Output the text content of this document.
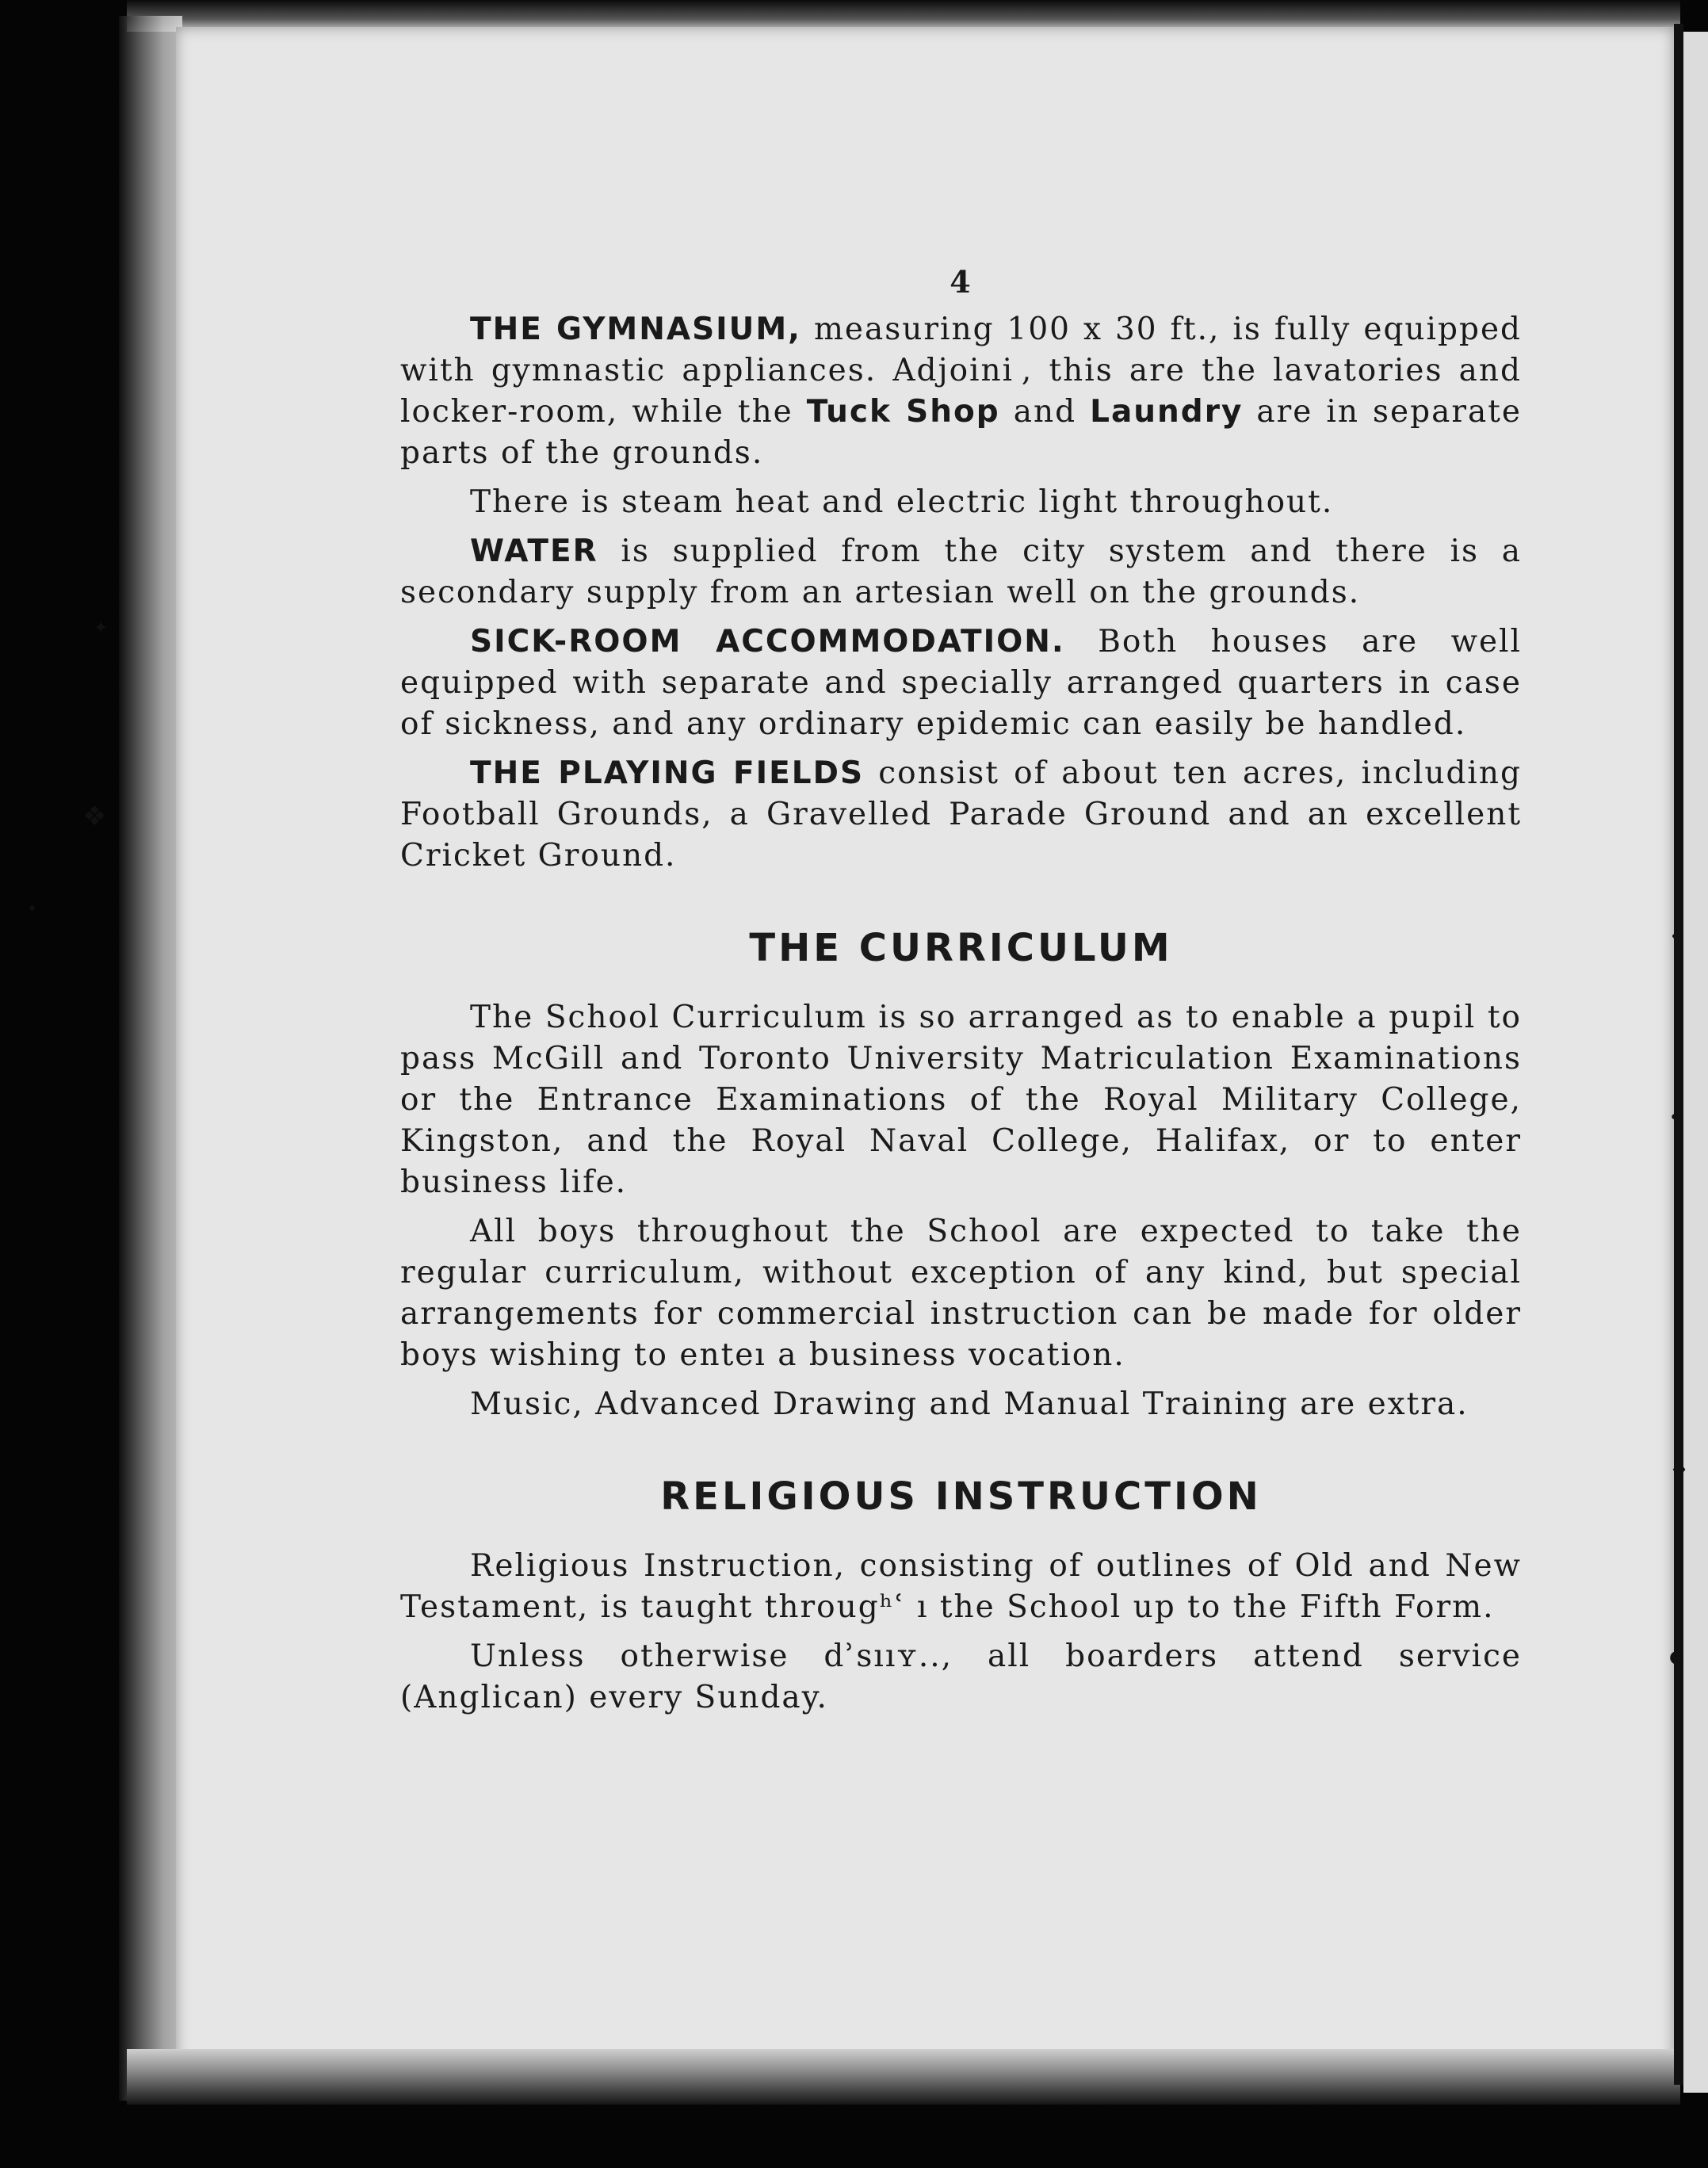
✦
❖
•
♦
•
♦
●
4

THE GYMNASIUM, measuring 100 x 30 ft., is fully equipped with gymnastic appliances. Adjoini , this are the lavatories and locker-room, while the Tuck Shop and Laundry are in separate parts of the grounds.

There is steam heat and electric light throughout.

WATER is supplied from the city system and there is a secondary supply from an artesian well on the grounds.

SICK-ROOM ACCOMMODATION. Both houses are well equipped with separate and specially arranged quarters in case of sickness, and any ordinary epidemic can easily be handled.

THE PLAYING FIELDS consist of about ten acres, including Football Grounds, a Gravelled Parade Ground and an excellent Cricket Ground.

THE CURRICULUM

The School Curriculum is so arranged as to enable a pupil to pass McGill and Toronto University Matriculation Examinations or the Entrance Examinations of the Royal Military College, Kingston, and the Royal Naval College, Halifax, or to enter business life.

All boys throughout the School are expected to take the regular curriculum, without exception of any kind, but special arrangements for commercial instruction can be made for older boys wishing to enteı a business vocation.

Music, Advanced Drawing and Manual Training are extra.

RELIGIOUS INSTRUCTION

Religious Instruction, consisting of outlines of Old and New Testament, is taught througʰʿ ı the School up to the Fifth Form.

Unless otherwise dʾsııʏ.., all boarders attend service (Anglican) every Sunday.
